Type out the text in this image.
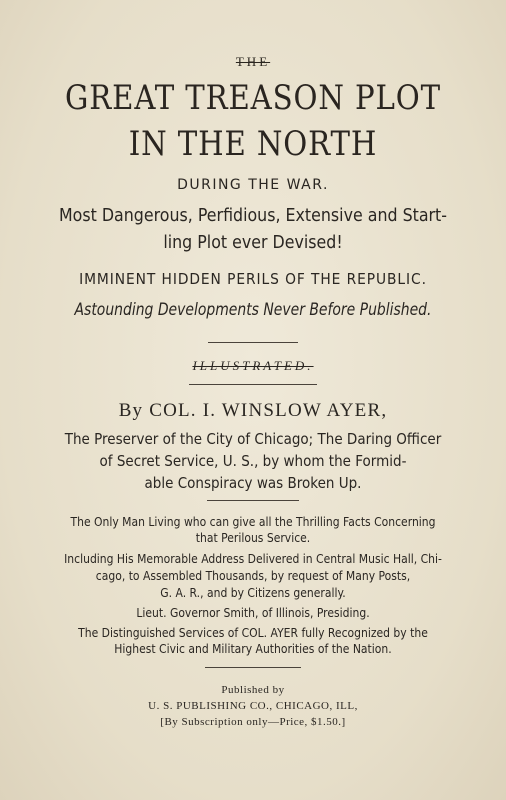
THE
GREAT TREASON PLOT
IN THE NORTH
DURING THE WAR.
Most Dangerous, Perfidious, Extensive and Start-
ling Plot ever Devised!
IMMINENT HIDDEN PERILS OF THE REPUBLIC.
Astounding Developments Never Before Published.
ILLUSTRATED.
By COL. I. WINSLOW AYER,
The Preserver of the City of Chicago; The Daring Officer
of Secret Service, U. S., by whom the Formid-
able Conspiracy was Broken Up.
The Only Man Living who can give all the Thrilling Facts Concerning
that Perilous Service.
Including His Memorable Address Delivered in Central Music Hall, Chi-
cago, to Assembled Thousands, by request of Many Posts,
G. A. R., and by Citizens generally.
Lieut. Governor Smith, of Illinois, Presiding.
The Distinguished Services of COL. AYER fully Recognized by the
Highest Civic and Military Authorities of the Nation.
Published by
U. S. PUBLISHING CO., CHICAGO, ILL,
[By Subscription only—Price, $1.50.]
